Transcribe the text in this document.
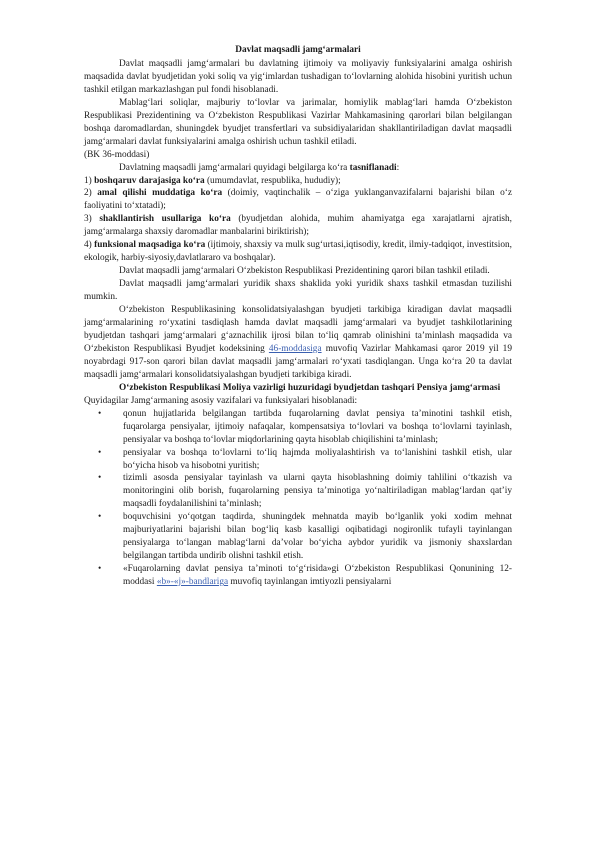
Davlat maqsadli jamg‘armalari

Davlat maqsadli jamg‘armalari bu davlatning ijtimoiy va moliyaviy funksiyalarini amalga oshirish maqsadida davlat byudjetidan yoki soliq va yig‘imlardan tushadigan to‘lovlarning alohida hisobini yuritish uchun tashkil etilgan markazlashgan pul fondi hisoblanadi.

Mablag‘lari soliqlar, majburiy to‘lovlar va jarimalar, homiylik mablag‘lari hamda O‘zbekiston Respublikasi Prezidentining va O‘zbekiston Respublikasi Vazirlar Mahkamasining qarorlari bilan belgilangan boshqa daromadlardan, shuningdek byudjet transfertlari va subsidiyalaridan shakllantiriladigan davlat maqsadli jamg‘armalari davlat funksiyalarini amalga oshirish uchun tashkil etiladi.

(BK 36-moddasi)

Davlatning maqsadli jamg‘armalari quyidagi belgilarga ko‘ra tasniflanadi:

1) boshqaruv darajasiga ko‘ra (umumdavlat, respublika, hududiy);

2) amal qilishi muddatiga ko‘ra (doimiy, vaqtinchalik – o‘ziga yuklanganvazifalarni bajarishi bilan o‘z faoliyatini to‘xtatadi);

3) shakllantirish usullariga ko‘ra (byudjetdan alohida, muhim ahamiyatga ega xarajatlarni ajratish, jamg‘armalarga shaxsiy daromadlar manbalarini biriktirish);

4) funksional maqsadiga ko‘ra (ijtimoiy, shaxsiy va mulk sug‘urtasi,iqtisodiy, kredit, ilmiy-tadqiqot, investitsion, ekologik, harbiy-siyosiy,davlatlararo va boshqalar).

Davlat maqsadli jamg‘armalari O‘zbekiston Respublikasi Prezidentining qarori bilan tashkil etiladi.

Davlat maqsadli jamg‘armalari yuridik shaxs shaklida yoki yuridik shaxs tashkil etmasdan tuzilishi mumkin.

O‘zbekiston Respublikasining konsolidatsiyalashgan byudjeti tarkibiga kiradigan davlat maqsadli jamg‘armalarining ro‘yxatini tasdiqlash hamda davlat maqsadli jamg‘armalari va byudjet tashkilotlarining byudjetdan tashqari jamg‘armalari g‘aznachilik ijrosi bilan to‘liq qamrab olinishini ta’minlash maqsadida va O‘zbekiston Respublikasi Byudjet kodeksining 46-moddasiga muvofiq Vazirlar Mahkamasi qaror 2019 yil 19 noyabrdagi 917-son qarori bilan davlat maqsadli jamg‘armalari ro‘yxati tasdiqlangan. Unga ko‘ra 20 ta davlat maqsadli jamg‘armalari konsolidatsiyalashgan byudjeti tarkibiga kiradi.

O‘zbekiston Respublikasi Moliya vazirligi huzuridagi byudjetdan tashqari Pensiya jamg‘armasi

Quyidagilar Jamg‘armaning asosiy vazifalari va funksiyalari hisoblanadi:

• qonun hujjatlarida belgilangan tartibda fuqarolarning davlat pensiya ta’minotini tashkil etish, fuqarolarga pensiyalar, ijtimoiy nafaqalar, kompensatsiya to‘lovlari va boshqa to‘lovlarni tayinlash, pensiyalar va boshqa to‘lovlar miqdorlarining qayta hisoblab chiqilishini ta’minlash;
• pensiyalar va boshqa to‘lovlarni to‘liq hajmda moliyalashtirish va to‘lanishini tashkil etish, ular bo‘yicha hisob va hisobotni yuritish;
• tizimli asosda pensiyalar tayinlash va ularni qayta hisoblashning doimiy tahlilini o‘tkazish va monitoringini olib borish, fuqarolarning pensiya ta’minotiga yo‘naltiriladigan mablag‘lardan qat’iy maqsadli foydalanilishini ta’minlash;
• boquvchisini yo‘qotgan taqdirda, shuningdek mehnatda mayib bo‘lganlik yoki xodim mehnat majburiyatlarini bajarishi bilan bog‘liq kasb kasalligi oqibatidagi nogironlik tufayli tayinlangan pensiyalarga to‘langan mablag‘larni da’volar bo‘yicha aybdor yuridik va jismoniy shaxslardan belgilangan tartibda undirib olishni tashkil etish.
• «Fuqarolarning davlat pensiya ta’minoti to‘g‘risida»gi O‘zbekiston Respublikasi Qonunining 12-moddasi «b»-«j»-bandlariga muvofiq tayinlangan imtiyozli pensiyalarni
